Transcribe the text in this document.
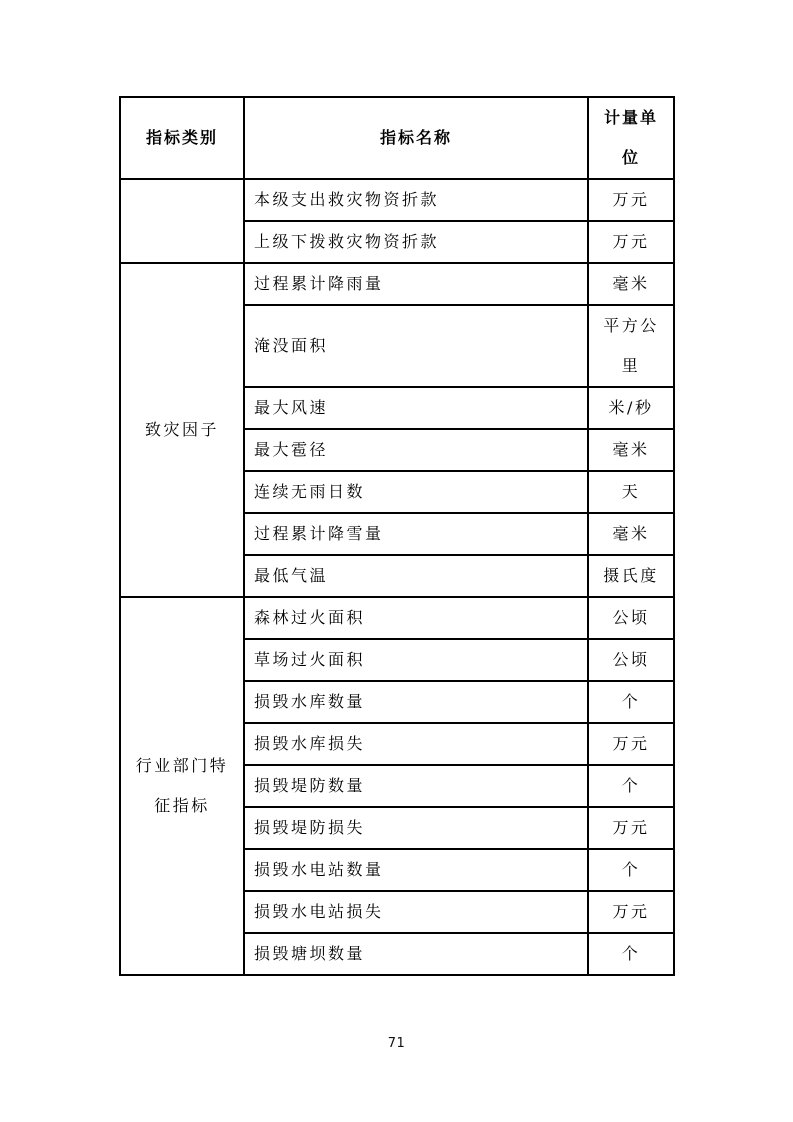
指标类别	指标名称	计量单位
	本级支出救灾物资折款	万元
	上级下拨救灾物资折款	万元
致灾因子	过程累计降雨量	毫米
	淹没面积	平方公里
	最大风速	米/秒
	最大雹径	毫米
	连续无雨日数	天
	过程累计降雪量	毫米
	最低气温	摄氏度
行业部门特征指标	森林过火面积	公顷
	草场过火面积	公顷
	损毁水库数量	个
	损毁水库损失	万元
	损毁堤防数量	个
	损毁堤防损失	万元
	损毁水电站数量	个
	损毁水电站损失	万元
	损毁塘坝数量	个
71
